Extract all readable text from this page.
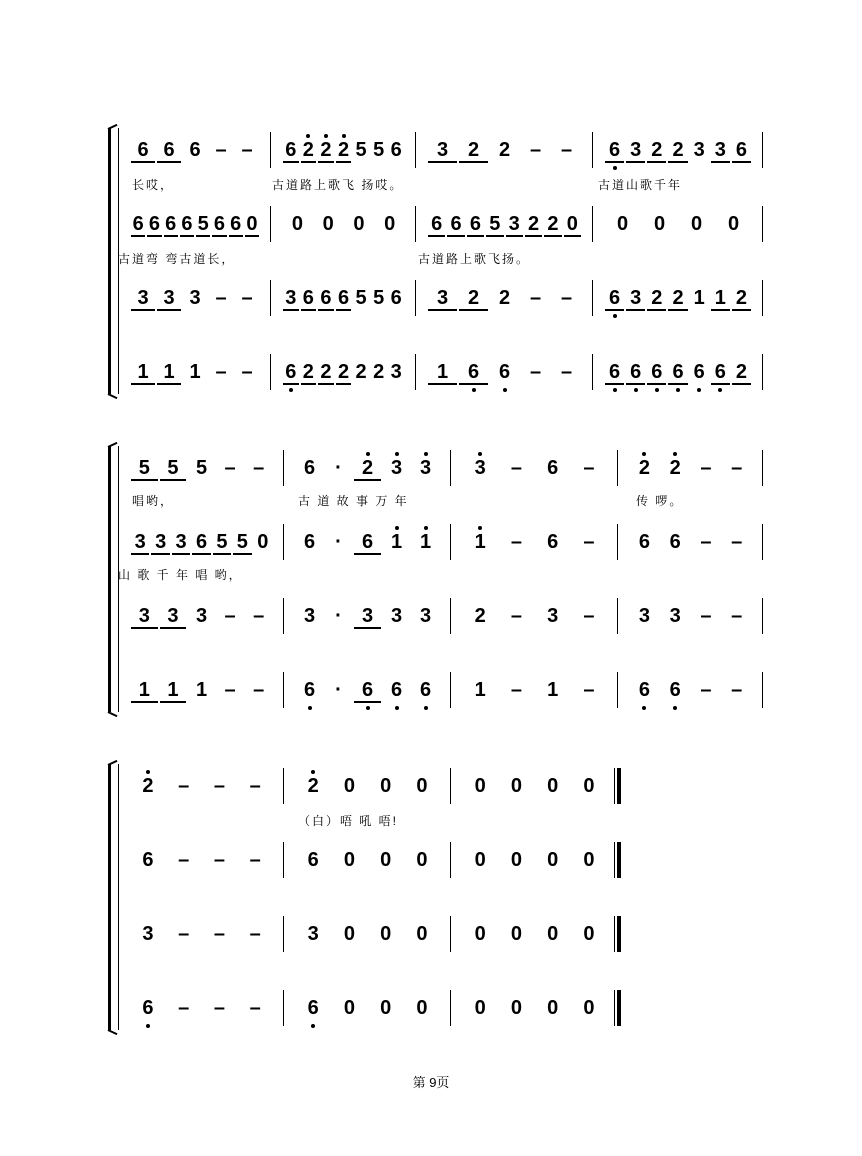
第 9页
6 6 6 – – 6 2 2 2 5 5 6 3 2 2 – – 6 3 2 2 3 3 6
长哎，	古道路上歌飞 扬哎。	古道山歌千年
6 6 6 6 5 6 6 0 0 0 0 0 6 6 6 5 3 2 2 0 0 0 0 0
古道弯 弯古道长，	古道路上歌飞扬。
3 3 3 – – 3 6 6 6 5 5 6 3 2 2 – – 6 3 2 2 1 1 2
1 1 1 – – 6 2 2 2 2 2 3 1 6 6 – – 6 6 6 6 6 6 2
5 5 5 – – 6 · 2 3 3 3 – 6 – 2 2 – –
唱哟，	古 道 故 事 万 年	传 啰。
3 3 3 6 5 5 0 6 · 6 1 1 1 – 6 – 6 6 – –
山 歌 千 年 唱 哟，
3 3 3 – – 3 · 3 3 3 2 – 3 – 3 3 – –
1 1 1 – – 6 · 6 6 6 1 – 1 – 6 6 – –
2 – – – 2 0 0 0 0 0 0 0
（白）唔 吼 唔!
6 – – – 6 0 0 0 0 0 0 0
3 – – – 3 0 0 0 0 0 0 0
6 – – – 6 0 0 0 0 0 0 0
